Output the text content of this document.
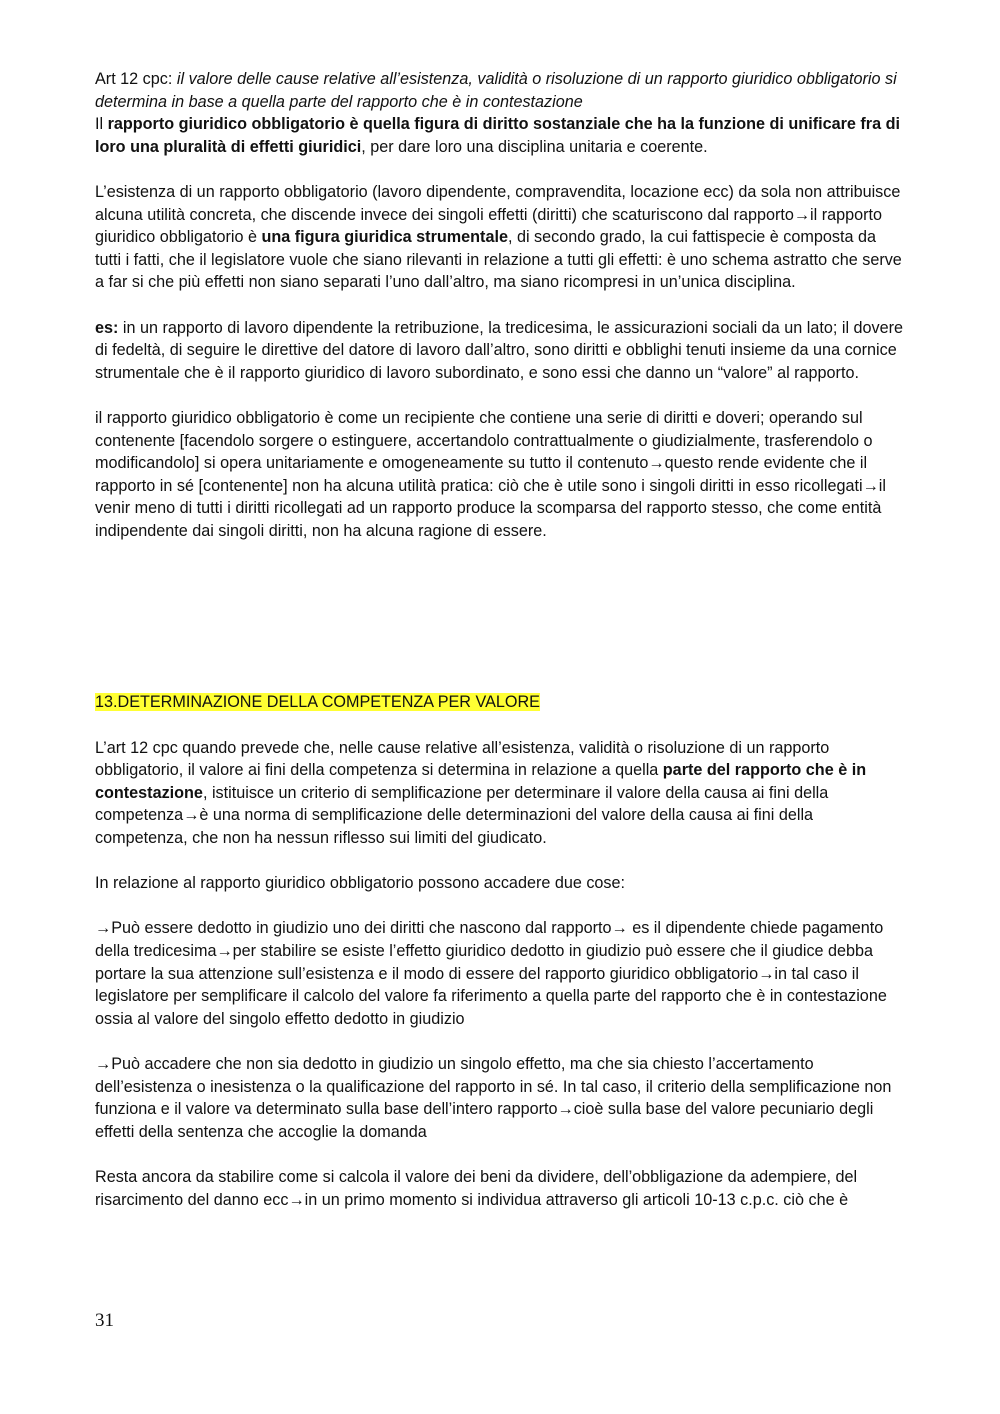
Art 12 cpc: il valore delle cause relative all’esistenza, validità o risoluzione di un rapporto giuridico obbligatorio si determina in base a quella parte del rapporto che è in contestazione

Il rapporto giuridico obbligatorio è quella figura di diritto sostanziale che ha la funzione di unificare fra di loro una pluralità di effetti giuridici, per dare loro una disciplina unitaria e coerente.

L’esistenza di un rapporto obbligatorio (lavoro dipendente, compravendita, locazione ecc) da sola non attribuisce alcuna utilità concreta, che discende invece dei singoli effetti (diritti) che scaturiscono dal rapporto→il rapporto giuridico obbligatorio è una figura giuridica strumentale, di secondo grado, la cui fattispecie è composta da tutti i fatti, che il legislatore vuole che siano rilevanti in relazione a tutti gli effetti: è uno schema astratto che serve a far si che più effetti non siano separati l’uno dall’altro, ma siano ricompresi in un’unica disciplina.

es: in un rapporto di lavoro dipendente la retribuzione, la tredicesima, le assicurazioni sociali da un lato; il dovere di fedeltà, di seguire le direttive del datore di lavoro dall’altro, sono diritti e obblighi tenuti insieme da una cornice strumentale che è il rapporto giuridico di lavoro subordinato, e sono essi che danno un “valore” al rapporto.

il rapporto giuridico obbligatorio è come un recipiente che contiene una serie di diritti e doveri; operando sul contenente [facendolo sorgere o estinguere, accertandolo contrattualmente o giudizialmente, trasferendolo o modificandolo] si opera unitariamente e omogeneamente su tutto il contenuto→questo rende evidente che il rapporto in sé [contenente] non ha alcuna utilità pratica: ciò che è utile sono i singoli diritti in esso ricollegati→il venir meno di tutti i diritti ricollegati ad un rapporto produce la scomparsa del rapporto stesso, che come entità indipendente dai singoli diritti, non ha alcuna ragione di essere.

13.DETERMINAZIONE DELLA COMPETENZA PER VALORE

L’art 12 cpc quando prevede che, nelle cause relative all’esistenza, validità o risoluzione di un rapporto obbligatorio, il valore ai fini della competenza si determina in relazione a quella parte del rapporto che è in contestazione, istituisce un criterio di semplificazione per determinare il valore della causa ai fini della competenza→è una norma di semplificazione delle determinazioni del valore della causa ai fini della competenza, che non ha nessun riflesso sui limiti del giudicato.

In relazione al rapporto giuridico obbligatorio possono accadere due cose:

→Può essere dedotto in giudizio uno dei diritti che nascono dal rapporto→ es il dipendente chiede pagamento della tredicesima→per stabilire se esiste l’effetto giuridico dedotto in giudizio può essere che il giudice debba portare la sua attenzione sull’esistenza e il modo di essere del rapporto giuridico obbligatorio→in tal caso il legislatore per semplificare il calcolo del valore fa riferimento a quella parte del rapporto che è in contestazione ossia al valore del singolo effetto dedotto in giudizio

→Può accadere che non sia dedotto in giudizio un singolo effetto, ma che sia chiesto l’accertamento dell’esistenza o inesistenza o la qualificazione del rapporto in sé. In tal caso, il criterio della semplificazione non funziona e il valore va determinato sulla base dell’intero rapporto→cioè sulla base del valore pecuniario degli effetti della sentenza che accoglie la domanda

Resta ancora da stabilire come si calcola il valore dei beni da dividere, dell’obbligazione da adempiere, del risarcimento del danno ecc→in un primo momento si individua attraverso gli articoli 10-13 c.p.c. ciò che è

31
